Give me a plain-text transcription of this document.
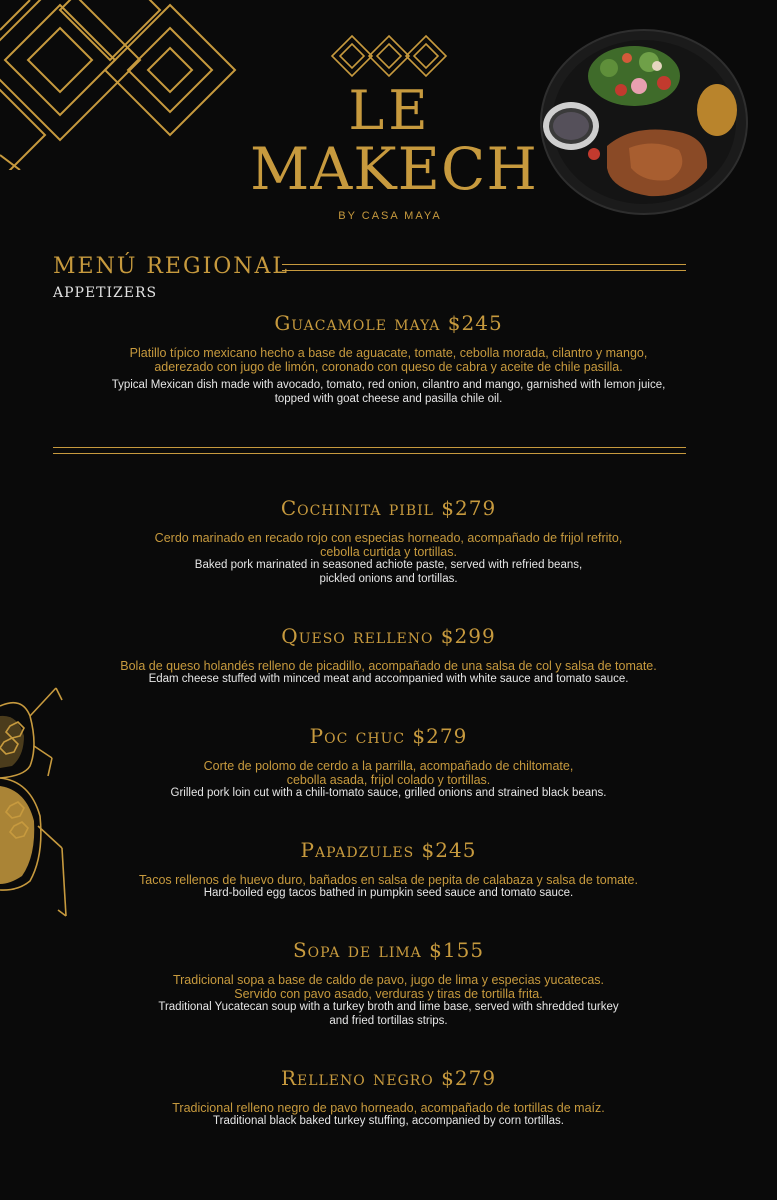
LE
MAKECH
BY CASA MAYA
MENÚ REGIONAL
APPETIZERS
Guacamole maya $245
Platillo típico mexicano hecho a base de aguacate, tomate, cebolla morada, cilantro y mango,
aderezado con jugo de limón, coronado con queso de cabra y aceite de chile pasilla.
Typical Mexican dish made with avocado, tomato, red onion, cilantro and mango, garnished with lemon juice,
topped with goat cheese and pasilla chile oil.
Cochinita pibil $279
Cerdo marinado en recado rojo con especias horneado, acompañado de frijol refrito,
cebolla curtida y tortillas.
Baked pork marinated in seasoned achiote paste, served with refried beans,
pickled onions and tortillas.
Queso relleno $299
Bola de queso holandés relleno de picadillo, acompañado de una salsa de col y salsa de tomate.
Edam cheese stuffed with minced meat and accompanied with white sauce and tomato sauce.
Poc chuc $279
Corte de polomo de cerdo a la parrilla, acompañado de chiltomate,
cebolla asada, frijol colado y tortillas.
Grilled pork loin cut with a chili-tomato sauce, grilled onions and strained black beans.
Papadzules $245
Tacos rellenos de huevo duro, bañados en salsa de pepita de calabaza y salsa de tomate.
Hard-boiled egg tacos bathed in pumpkin seed sauce and tomato sauce.
Sopa de lima $155
Tradicional sopa a base de caldo de pavo, jugo de lima y especias yucatecas.
Servido con pavo asado, verduras y tiras de tortilla frita.
Traditional Yucatecan soup with a turkey broth and lime base, served with shredded turkey
and fried tortillas strips.
Relleno negro $279
Tradicional relleno negro de pavo horneado, acompañado de tortillas de maíz.
Traditional black baked turkey stuffing, accompanied by corn tortillas.
